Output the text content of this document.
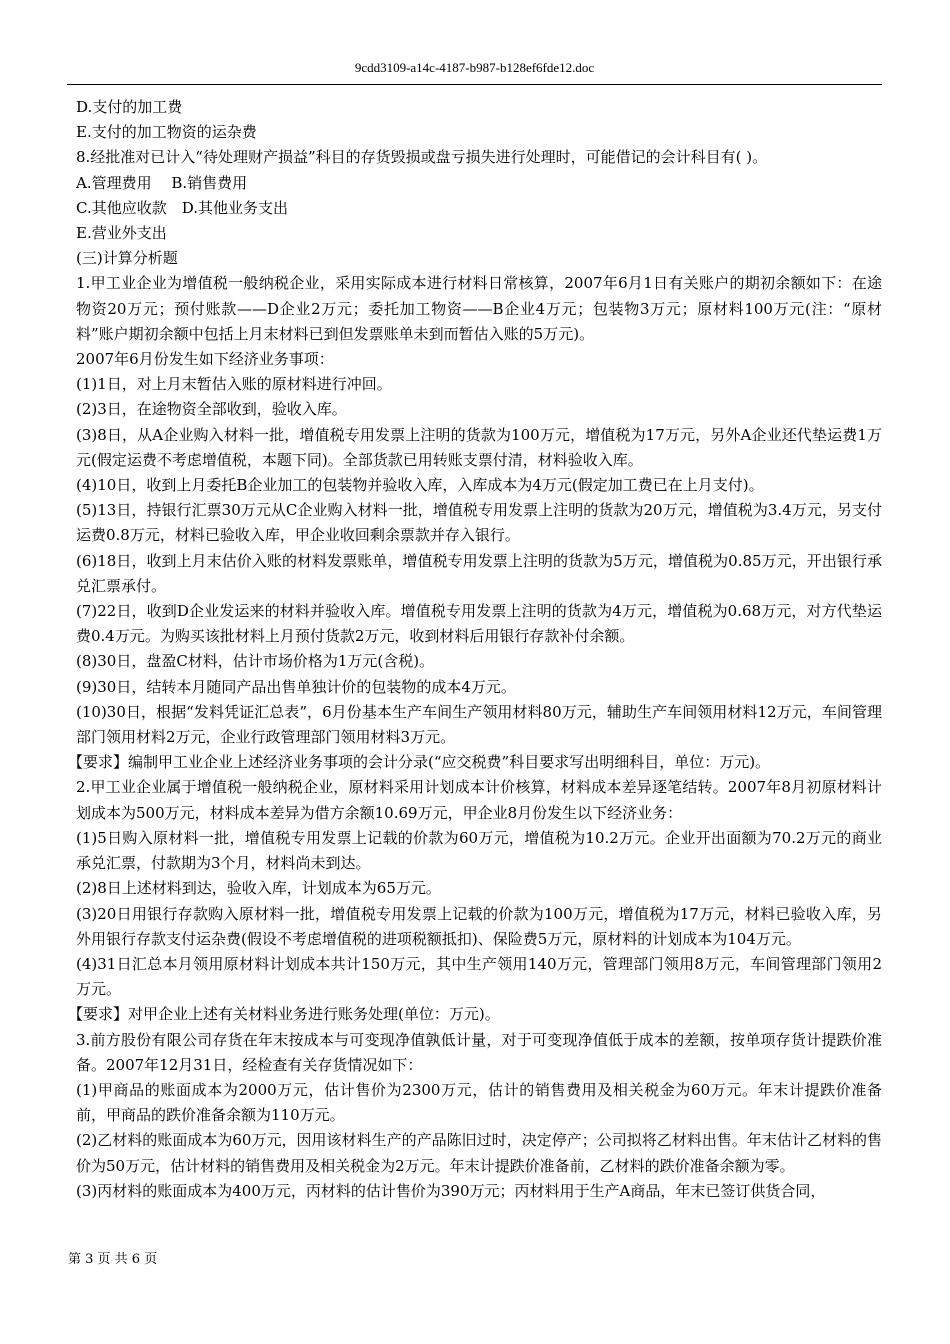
9cdd3109-a14c-4187-b987-b128ef6fde12.doc

D.支付的加工费

E.支付的加工物资的运杂费

8.经批准对已计入“待处理财产损益”科目的存货毁损或盘亏损失进行处理时，可能借记的会计科目有( )。

A.管理费用　 B.销售费用

C.其他应收款　D.其他业务支出

E.营业外支出

(三)计算分析题

1.甲工业企业为增值税一般纳税企业，采用实际成本进行材料日常核算，2007年6月1日有关账户的期初余额如下：在途物资20万元；预付账款——D企业2万元；委托加工物资——B企业4万元；包装物3万元；原材料100万元(注：“原材料”账户期初余额中包括上月末材料已到但发票账单未到而暂估入账的5万元)。

2007年6月份发生如下经济业务事项：

(1)1日，对上月末暂估入账的原材料进行冲回。

(2)3日，在途物资全部收到，验收入库。

(3)8日，从A企业购入材料一批，增值税专用发票上注明的货款为100万元，增值税为17万元，另外A企业还代垫运费1万元(假定运费不考虑增值税，本题下同)。全部货款已用转账支票付清，材料验收入库。

(4)10日，收到上月委托B企业加工的包装物并验收入库，入库成本为4万元(假定加工费已在上月支付)。

(5)13日，持银行汇票30万元从C企业购入材料一批，增值税专用发票上注明的货款为20万元，增值税为3.4万元，另支付运费0.8万元，材料已验收入库，甲企业收回剩余票款并存入银行。

(6)18日，收到上月末估价入账的材料发票账单，增值税专用发票上注明的货款为5万元，增值税为0.85万元，开出银行承兑汇票承付。

(7)22日，收到D企业发运来的材料并验收入库。增值税专用发票上注明的货款为4万元，增值税为0.68万元，对方代垫运费0.4万元。为购买该批材料上月预付货款2万元，收到材料后用银行存款补付余额。

(8)30日，盘盈C材料，估计市场价格为1万元(含税)。

(9)30日，结转本月随同产品出售单独计价的包装物的成本4万元。

(10)30日，根据“发料凭证汇总表”，6月份基本生产车间生产领用材料80万元，辅助生产车间领用材料12万元，车间管理部门领用材料2万元，企业行政管理部门领用材料3万元。

【要求】编制甲工业企业上述经济业务事项的会计分录(“应交税费”科目要求写出明细科目，单位：万元)。

2.甲工业企业属于增值税一般纳税企业，原材料采用计划成本计价核算，材料成本差异逐笔结转。2007年8月初原材料计划成本为500万元，材料成本差异为借方余额10.69万元，甲企业8月份发生以下经济业务：

(1)5日购入原材料一批，增值税专用发票上记载的价款为60万元，增值税为10.2万元。企业开出面额为70.2万元的商业承兑汇票，付款期为3个月，材料尚未到达。

(2)8日上述材料到达，验收入库，计划成本为65万元。

(3)20日用银行存款购入原材料一批，增值税专用发票上记载的价款为100万元，增值税为17万元，材料已验收入库，另外用银行存款支付运杂费(假设不考虑增值税的进项税额抵扣)、保险费5万元，原材料的计划成本为104万元。

(4)31日汇总本月领用原材料计划成本共计150万元，其中生产领用140万元，管理部门领用8万元，车间管理部门领用2万元。

【要求】对甲企业上述有关材料业务进行账务处理(单位：万元)。

3.前方股份有限公司存货在年末按成本与可变现净值孰低计量，对于可变现净值低于成本的差额，按单项存货计提跌价准备。2007年12月31日，经检查有关存货情况如下：

(1)甲商品的账面成本为2000万元，估计售价为2300万元，估计的销售费用及相关税金为60万元。年末计提跌价准备前，甲商品的跌价准备余额为110万元。

(2)乙材料的账面成本为60万元，因用该材料生产的产品陈旧过时，决定停产；公司拟将乙材料出售。年末估计乙材料的售价为50万元，估计材料的销售费用及相关税金为2万元。年末计提跌价准备前，乙材料的跌价准备余额为零。

(3)丙材料的账面成本为400万元，丙材料的估计售价为390万元；丙材料用于生产A商品，年末已签订供货合同，

第 3 页 共 6 页
